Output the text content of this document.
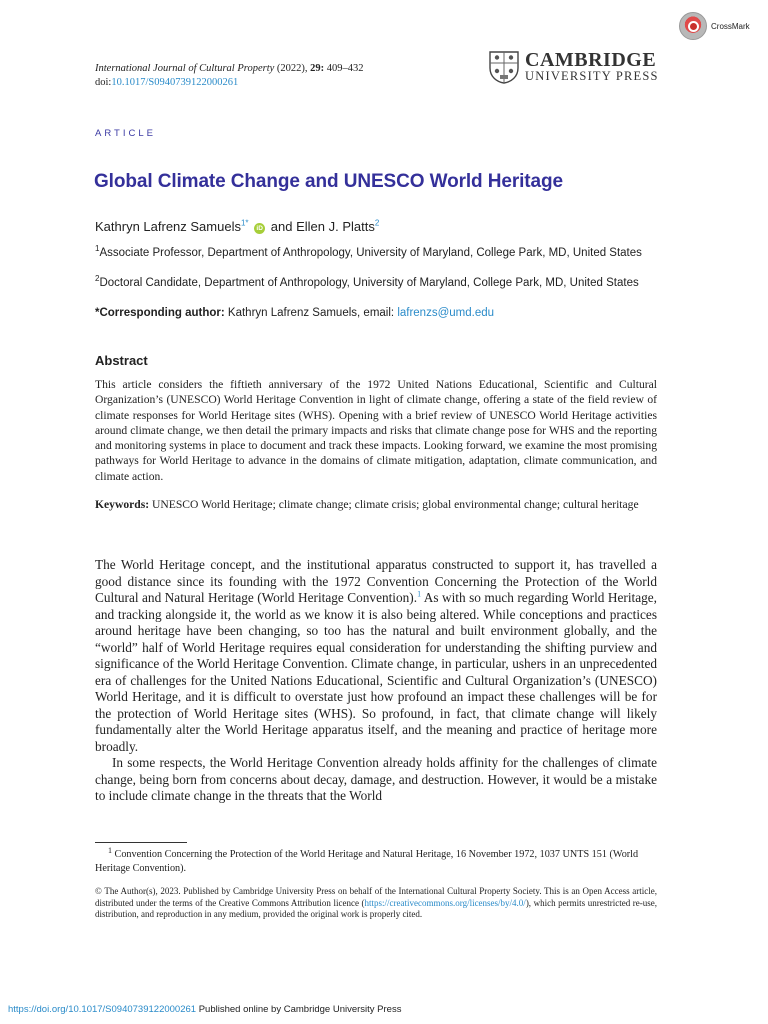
CrossMark
International Journal of Cultural Property (2022), 29: 409–432
doi:10.1017/S0940739122000261
CAMBRIDGE
UNIVERSITY PRESS
ARTICLE
Global Climate Change and UNESCO World Heritage
Kathryn Lafrenz Samuels$^{1*}$ iD and Ellen J. Platts$^2$
$^1$Associate Professor, Department of Anthropology, University of Maryland, College Park, MD, United States
$^2$Doctoral Candidate, Department of Anthropology, University of Maryland, College Park, MD, United States
*Corresponding author: Kathryn Lafrenz Samuels, email: lafrenzs@umd.edu
Abstract
This article considers the fiftieth anniversary of the 1972 United Nations Educational, Scientific and Cultural Organization’s (UNESCO) World Heritage Convention in light of climate change, offering a state of the field review of climate responses for World Heritage sites (WHS). Opening with a brief review of UNESCO World Heritage activities around climate change, we then detail the primary impacts and risks that climate change pose for WHS and the reporting and monitoring systems in place to document and track these impacts. Looking forward, we examine the most promising pathways for World Heritage to advance in the domains of climate mitigation, adaptation, climate communication, and climate action.
Keywords: UNESCO World Heritage; climate change; climate crisis; global environmental change; cultural heritage

The World Heritage concept, and the institutional apparatus constructed to support it, has travelled a good distance since its founding with the 1972 Convention Concerning the Protection of the World Cultural and Natural Heritage (World Heritage Convention).$^1$ As with so much regarding World Heritage, and tracking alongside it, the world as we know it is also being altered. While conceptions and practices around heritage have been changing, so too has the natural and built environment globally, and the “world” half of World Heritage requires equal consideration for understanding the shifting purview and significance of the World Heritage Convention. Climate change, in particular, ushers in an unprecedented era of challenges for the United Nations Educational, Scientific and Cultural Organization’s (UNESCO) World Heritage, and it is difficult to overstate just how profound an impact these challenges will be for the protection of World Heritage sites (WHS). So profound, in fact, that climate change will likely fundamentally alter the World Heritage apparatus itself, and the meaning and practice of heritage more broadly.

In some respects, the World Heritage Convention already holds affinity for the challenges of climate change, being born from concerns about decay, damage, and destruction. However, it would be a mistake to include climate change in the threats that the World

$^1$ Convention Concerning the Protection of the World Heritage and Natural Heritage, 16 November 1972, 1037 UNTS 151 (World Heritage Convention).
© The Author(s), 2023. Published by Cambridge University Press on behalf of the International Cultural Property Society. This is an Open Access article, distributed under the terms of the Creative Commons Attribution licence (https://creativecommons.org/licenses/by/4.0/), which permits unrestricted re-use, distribution, and reproduction in any medium, provided the original work is properly cited.
https://doi.org/10.1017/S0940739122000261 Published online by Cambridge University Press
